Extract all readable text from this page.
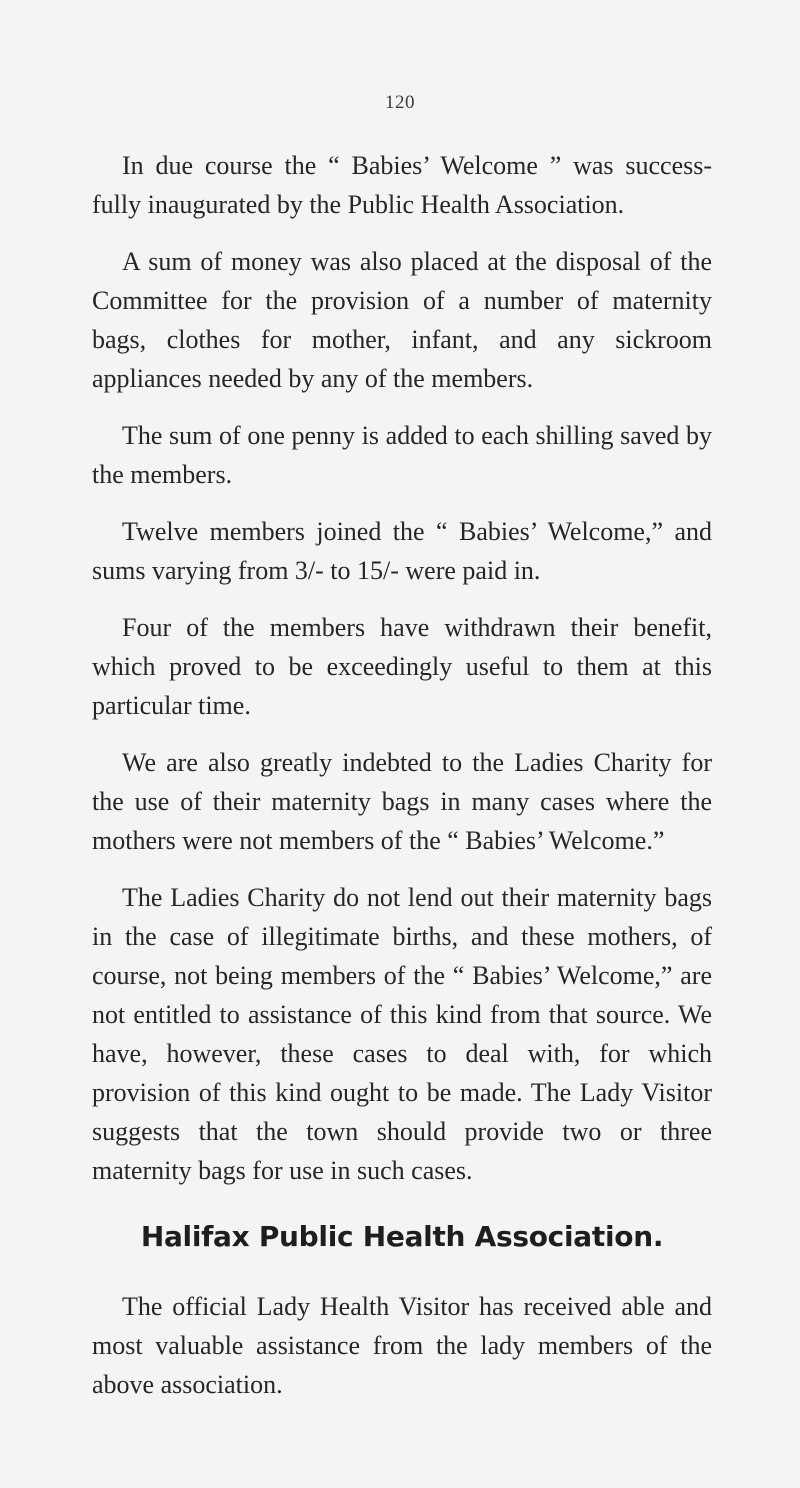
120

In due course the “ Babies’ Welcome ” was success- fully inaugurated by the Public Health Association.

A sum of money was also placed at the disposal of the Committee for the provision of a number of maternity bags, clothes for mother, infant, and any sickroom appliances needed by any of the members.

The sum of one penny is added to each shilling saved by the members.

Twelve members joined the “ Babies’ Welcome,” and sums varying from 3/- to 15/- were paid in.

Four of the members have withdrawn their benefit, which proved to be exceedingly useful to them at this particular time.

We are also greatly indebted to the Ladies Charity for the use of their maternity bags in many cases where the mothers were not members of the “ Babies’ Welcome.”

The Ladies Charity do not lend out their maternity bags in the case of illegitimate births, and these mothers, of course, not being members of the “ Babies’ Welcome,” are not entitled to assistance of this kind from that source. We have, however, these cases to deal with, for which provision of this kind ought to be made. The Lady Visitor suggests that the town should provide two or three maternity bags for use in such cases.

Halifax Public Health Association.

The official Lady Health Visitor has received able and most valuable assistance from the lady members of the above association.
